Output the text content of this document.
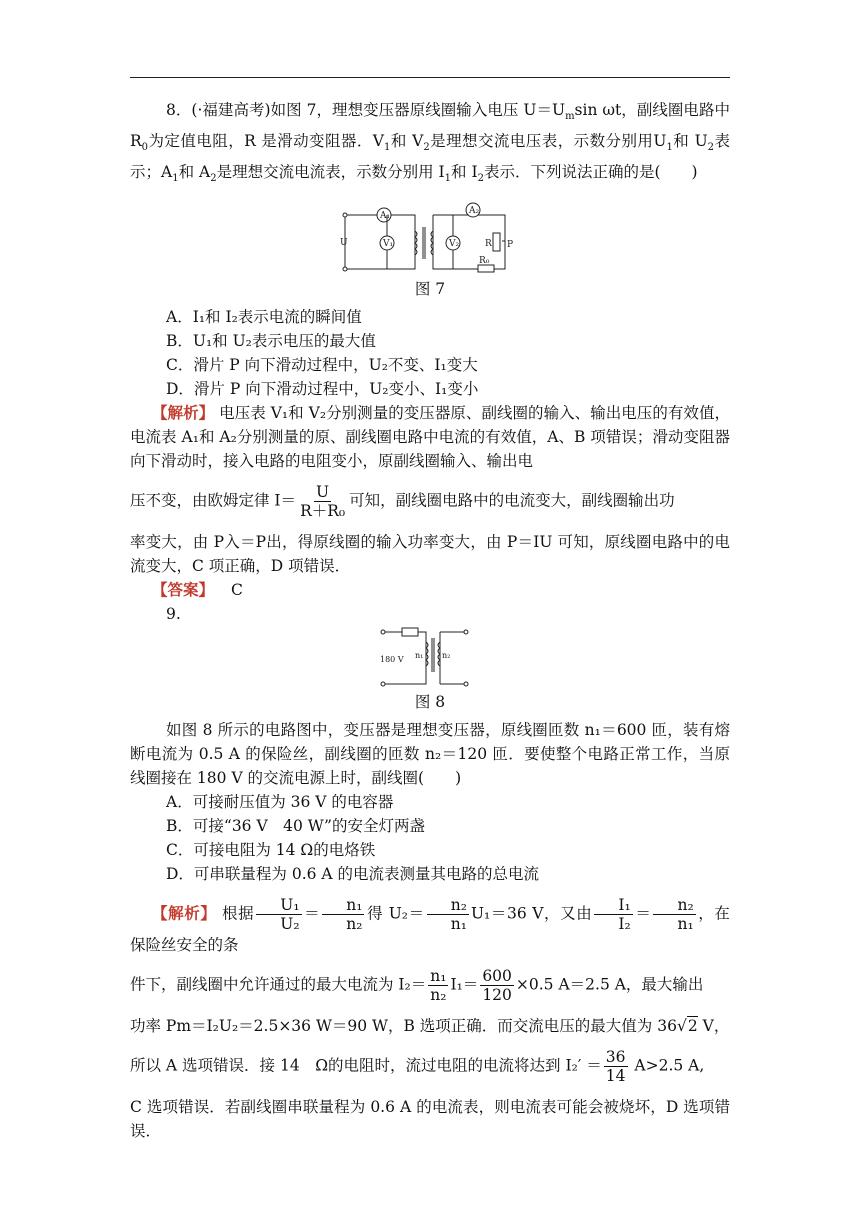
8．(·福建高考)如图 7，理想变压器原线圈输入电压 $U=U_m\sin$ ωt，副线圈电路中 $R_0$为定值电阻，R 是滑动变阻器．$V_1$和 $V_2$是理想交流电压表，示数分别用$U_1$和 $U_2$表示；$A_1$和 $A_2$是理想交流电流表，示数分别用 $I_1$和 $I_2$表示．下列说法正确的是(　　)

A₁
V₁
A₂
V₂
U	R P
R₀

图 7

A．I₁和 I₂表示电流的瞬间值

B．U₁和 U₂表示电压的最大值

C．滑片 P 向下滑动过程中，U₂不变、I₁变大

D．滑片 P 向下滑动过程中，U₂变小、I₁变小

【解析】 电压表 V₁和 V₂分别测量的变压器原、副线圈的输入、输出电压的有效值，电流表 A₁和 A₂分别测量的原、副线圈电路中电流的有效值，A、B 项错误；滑动变阻器向下滑动时，接入电路的电阻变小，原副线圈输入、输出电

压不变，由欧姆定律 $I= \frac{U}{\text{R＋R₀}}$ 可知，副线圈电路中的电流变大，副线圈输出功

率变大，由 P入＝P出，得原线圈的输入功率变大，由 P＝IU 可知，原线圈电路中的电流变大，C 项正确，D 项错误．

【答案】 C

9.

180 V n₁ n₂

图 8

如图 8 所示的电路图中，变压器是理想变压器，原线圈匝数 n₁＝600 匝，装有熔断电流为 0.5 A 的保险丝，副线圈的匝数 n₂＝120 匝．要使整个电路正常工作，当原线圈接在 180 V 的交流电源上时，副线圈(　　)

A．可接耐压值为 36 V 的电容器

B．可接“36 V　40 W”的安全灯两盏

C．可接电阻为 14 Ω的电烙铁

D．可串联量程为 0.6 A 的电流表测量其电路的总电流

【解析】 根据 $\frac{\text{U₁}}{\text{U₂}} = \frac{\text{n₁}}{\text{n₂}}$ 得 $U_2= \frac{\text{n₂}}{\text{n₁}} U_1=36$ V，又由 $\frac{\text{I₁}}{\text{I₂}} = \frac{\text{n₂}}{\text{n₁}}$ ，在保险丝安全的条

件下，副线圈中允许通过的最大电流为 $I_2= \frac{\text{n₁}}{\text{n₂}} I_1= \frac{600}{120} \times 0.5$ A＝2.5 A，最大输出

功率 Pm＝I₂U₂＝2.5×36 W＝90 W，B 选项正确．而交流电压的最大值为 36√2 V，

所以 A 选项错误．接 14　Ω的电阻时，流过电阻的电流将达到 $I_2' = \frac{36}{14} A>2.5$ A,

C 选项错误．若副线圈串联量程为 0.6 A 的电流表，则电流表可能会被烧坏，D 选项错误．
